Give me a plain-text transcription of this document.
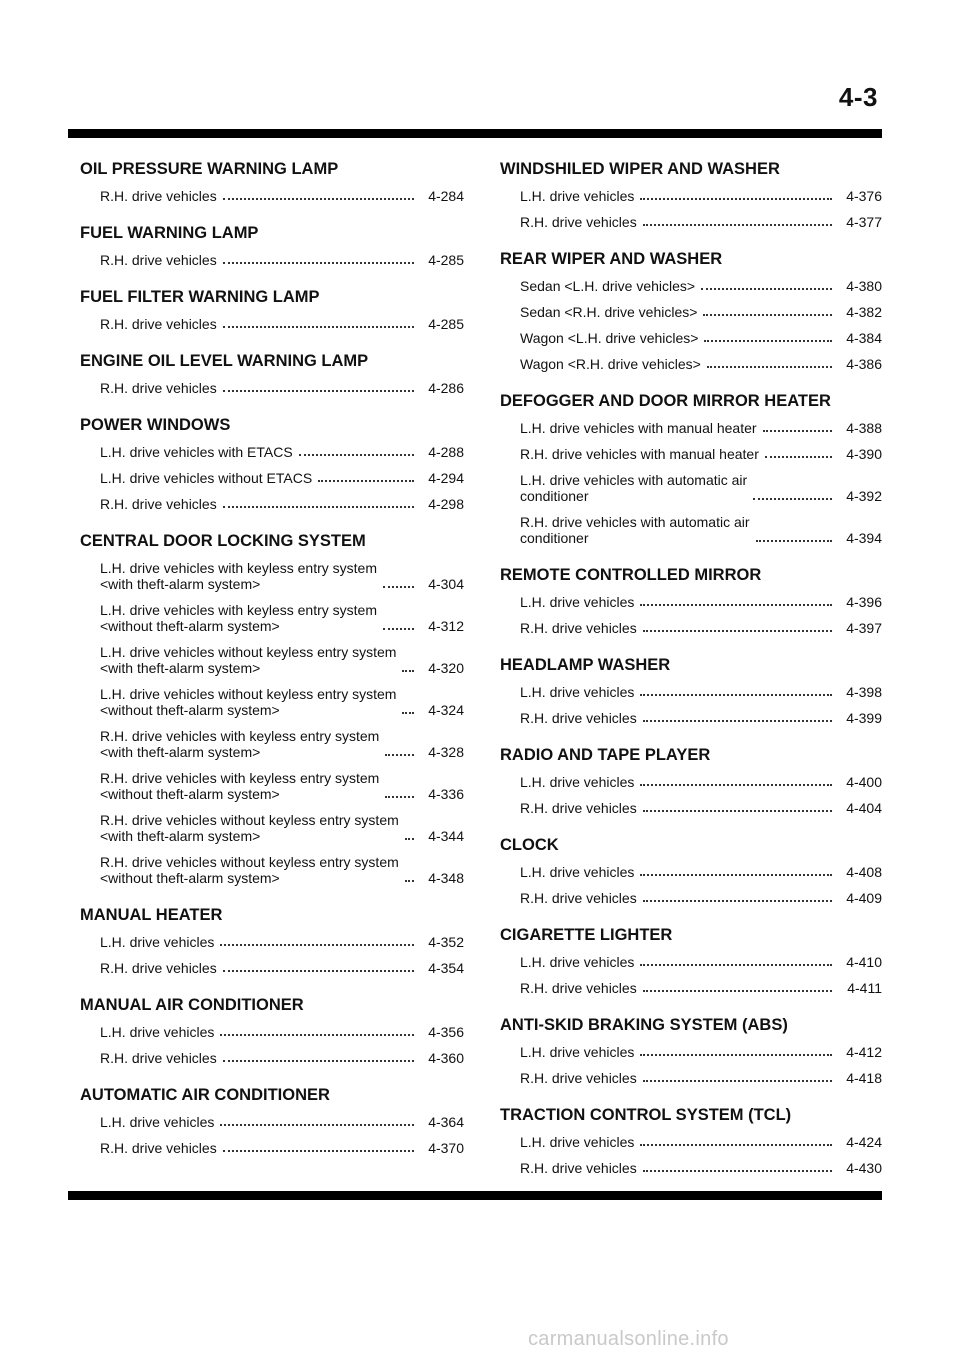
4-3
OIL PRESSURE WARNING LAMP
R.H. drive vehicles	4-284
FUEL WARNING LAMP
R.H. drive vehicles	4-285
FUEL FILTER WARNING LAMP
R.H. drive vehicles	4-285
ENGINE OIL LEVEL WARNING LAMP
R.H. drive vehicles	4-286
POWER WINDOWS
L.H. drive vehicles with ETACS	4-288
L.H. drive vehicles without ETACS	4-294
R.H. drive vehicles	4-298
CENTRAL DOOR LOCKING SYSTEM
L.H. drive vehicles with keyless entry system
<with theft-alarm system>	4-304
L.H. drive vehicles with keyless entry system
<without theft-alarm system>	4-312
L.H. drive vehicles without keyless entry system
<with theft-alarm system>	4-320
L.H. drive vehicles without keyless entry system
<without theft-alarm system>	4-324
R.H. drive vehicles with keyless entry system
<with theft-alarm system>	4-328
R.H. drive vehicles with keyless entry system
<without theft-alarm system>	4-336
R.H. drive vehicles without keyless entry system
<with theft-alarm system>	4-344
R.H. drive vehicles without keyless entry system
<without theft-alarm system>	4-348
MANUAL HEATER
L.H. drive vehicles	4-352
R.H. drive vehicles	4-354
MANUAL AIR CONDITIONER
L.H. drive vehicles	4-356
R.H. drive vehicles	4-360
AUTOMATIC AIR CONDITIONER
L.H. drive vehicles	4-364
R.H. drive vehicles	4-370
WINDSHILED WIPER AND WASHER
L.H. drive vehicles	4-376
R.H. drive vehicles	4-377
REAR WIPER AND WASHER
Sedan <L.H. drive vehicles>	4-380
Sedan <R.H. drive vehicles>	4-382
Wagon <L.H. drive vehicles>	4-384
Wagon <R.H. drive vehicles>	4-386
DEFOGGER AND DOOR MIRROR HEATER
L.H. drive vehicles with manual heater	4-388
R.H. drive vehicles with manual heater	4-390
L.H. drive vehicles with automatic air
conditioner	4-392
R.H. drive vehicles with automatic air
conditioner	4-394
REMOTE CONTROLLED MIRROR
L.H. drive vehicles	4-396
R.H. drive vehicles	4-397
HEADLAMP WASHER
L.H. drive vehicles	4-398
R.H. drive vehicles	4-399
RADIO AND TAPE PLAYER
L.H. drive vehicles	4-400
R.H. drive vehicles	4-404
CLOCK
L.H. drive vehicles	4-408
R.H. drive vehicles	4-409
CIGARETTE LIGHTER
L.H. drive vehicles	4-410
R.H. drive vehicles	4-411
ANTI-SKID BRAKING SYSTEM (ABS)
L.H. drive vehicles	4-412
R.H. drive vehicles	4-418
TRACTION CONTROL SYSTEM (TCL)
L.H. drive vehicles	4-424
R.H. drive vehicles	4-430
carmanualsonline.info
